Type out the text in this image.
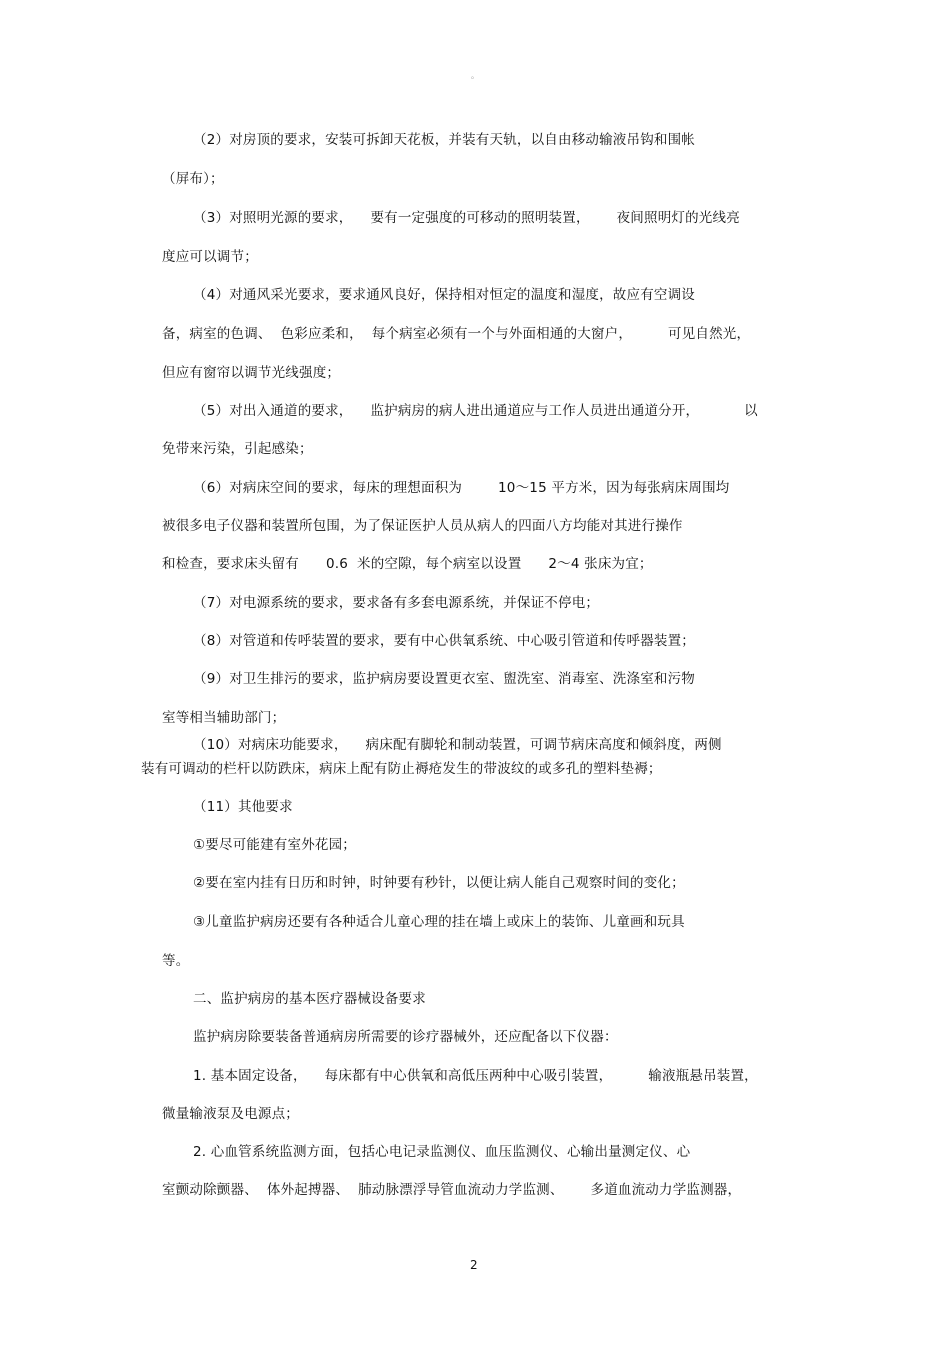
。
（2）对房顶的要求，安装可拆卸天花板，并装有天轨，以自由移动输液吊钩和围帐
（屏布）；
（3）对照明光源的要求，    要有一定强度的可移动的照明装置，      夜间照明灯的光线亮
度应可以调节；
（4）对通风采光要求，要求通风良好，保持相对恒定的温度和湿度，故应有空调设
备，病室的色调、  色彩应柔和，  每个病室必须有一个与外面相通的大窗户，        可见自然光，
但应有窗帘以调节光线强度；
（5）对出入通道的要求，    监护病房的病人进出通道应与工作人员进出通道分开，          以
免带来污染，引起感染；
（6）对病床空间的要求，每床的理想面积为        10～15 平方米，因为每张病床周围均
被很多电子仪器和装置所包围，为了保证医护人员从病人的四面八方均能对其进行操作
和检查，要求床头留有      0.6  米的空隙，每个病室以设置      2～4 张床为宜；
（7）对电源系统的要求，要求备有多套电源系统，并保证不停电；
（8）对管道和传呼装置的要求，要有中心供氧系统、中心吸引管道和传呼器装置；
（9）对卫生排污的要求，监护病房要设置更衣室、盥洗室、消毒室、洗涤室和污物
室等相当辅助部门；
（10）对病床功能要求，    病床配有脚轮和制动装置，可调节病床高度和倾斜度，两侧
装有可调动的栏杆以防跌床，病床上配有防止褥疮发生的带波纹的或多孔的塑料垫褥；
（11）其他要求
①要尽可能建有室外花园；
②要在室内挂有日历和时钟，时钟要有秒针，以便让病人能自己观察时间的变化；
③儿童监护病房还要有各种适合儿童心理的挂在墙上或床上的装饰、儿童画和玩具
等。
二、监护病房的基本医疗器械设备要求
监护病房除要装备普通病房所需要的诊疗器械外，还应配备以下仪器：
1. 基本固定设备，    每床都有中心供氧和高低压两种中心吸引装置，        输液瓶悬吊装置，
微量输液泵及电源点；
2. 心血管系统监测方面，包括心电记录监测仪、血压监测仪、心输出量测定仪、心
室颤动除颤器、  体外起搏器、  肺动脉漂浮导管血流动力学监测、      多道血流动力学监测器，
2
